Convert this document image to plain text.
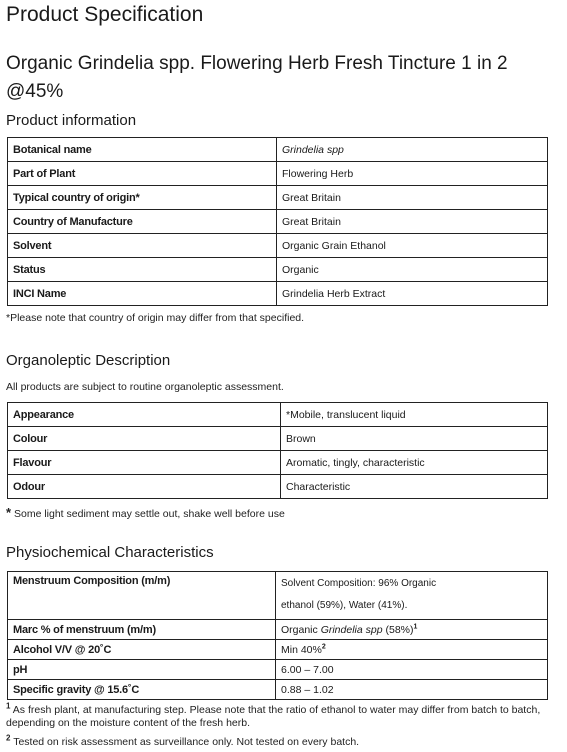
Product Specification
Organic Grindelia spp. Flowering Herb Fresh Tincture 1 in 2 @45%
Product information
Botanical name	Grindelia spp
Part of Plant	Flowering Herb
Typical country of origin*	Great Britain
Country of Manufacture	Great Britain
Solvent	Organic Grain Ethanol
Status	Organic
INCI Name	Grindelia Herb Extract
*Please note that country of origin may differ from that specified.
Organoleptic Description
All products are subject to routine organoleptic assessment.
Appearance	*Mobile, translucent liquid
Colour	Brown
Flavour	Aromatic, tingly, characteristic
Odour	Characteristic
* Some light sediment may settle out, shake well before use
Physiochemical Characteristics
Menstruum Composition (m/m)	Solvent Composition: 96% Organic
ethanol (59%), Water (41%).

Marc % of menstruum (m/m)	Organic Grindelia spp $(58\%)^1$
Alcohol V/V @ 20˚C	Min 40%$^2$
pH	6.00 – 7.00
Specific gravity @ 15.6˚C	0.88 – 1.02
$^1$ As fresh plant, at manufacturing step. Please note that the ratio of ethanol to water may differ from batch to batch, depending on the moisture content of the fresh herb.
$^2$ Tested on risk assessment as surveillance only. Not tested on every batch.
